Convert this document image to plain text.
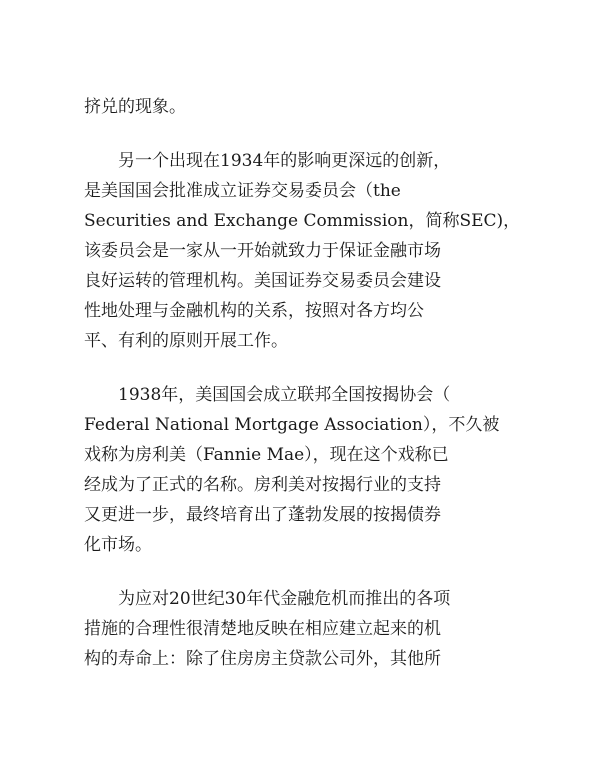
挤兑的现象。

另一个出现在1934年的影响更深远的创新，
是美国国会批准成立证券交易委员会（the
Securities and Exchange Commission，简称SEC)，
该委员会是一家从一开始就致力于保证金融市场
良好运转的管理机构。美国证券交易委员会建设
性地处理与金融机构的关系，按照对各方均公
平、有利的原则开展工作。

1938年，美国国会成立联邦全国按揭协会（
Federal National Mortgage Association），不久被
戏称为房利美（Fannie Mae），现在这个戏称已
经成为了正式的名称。房利美对按揭行业的支持
又更进一步，最终培育出了蓬勃发展的按揭债券
化市场。

为应对20世纪30年代金融危机而推出的各项
措施的合理性很清楚地反映在相应建立起来的机
构的寿命上：除了住房房主贷款公司外，其他所
